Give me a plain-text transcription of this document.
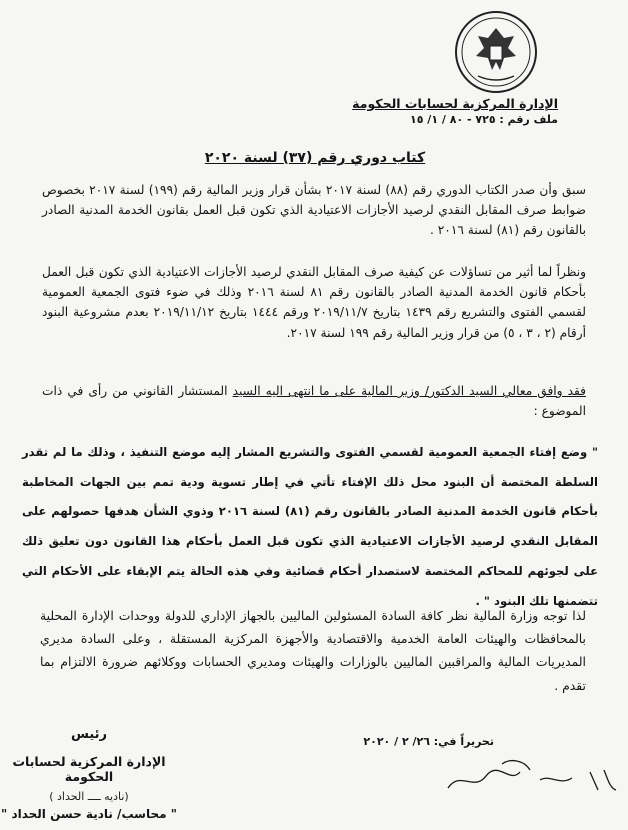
الإدارة المركزية لحسابات الحكومة
ملف رقم : ٧٢٥ - ٨٠ / ١/ ١٥
كتاب دوري رقم (٣٧) لسنة ٢٠٢٠
سبق وأن صدر الكتاب الدوري رقم (٨٨) لسنة ٢٠١٧ بشأن قرار وزير المالية رقم (١٩٩) لسنة ٢٠١٧ بخصوص ضوابط صرف المقابل النقدي لرصيد الأجازات الاعتيادية الذي تكون قبل العمل بقانون الخدمة المدنية الصادر بالقانون رقم (٨١) لسنة ٢٠١٦ .
ونظراً لما أثير من تساؤلات عن كيفية صرف المقابل النقدي لرصيد الأجازات الاعتيادية الذي تكون قبل العمل بأحكام قانون الخدمة المدنية الصادر بالقانون رقم ٨١ لسنة ٢٠١٦ وذلك في ضوء فتوى الجمعية العمومية لقسمي الفتوى والتشريع رقم ١٤٣٩ بتاريخ ٢٠١٩/١١/٧ ورقم ١٤٤٤ بتاريخ ٢٠١٩/١١/١٢ بعدم مشروعية البنود أرقام (٢ ، ٣ ، ٥) من قرار وزير المالية رقم ١٩٩ لسنة ٢٠١٧.
فقد وافق معالي السيد الدكتور/ وزير المالية على ما انتهى اليه السيد المستشار القانوني من رأى في ذات الموضوع :
" وضع إفتاء الجمعية العمومية لقسمي الفتوى والتشريع المشار إليه موضع التنفيذ ، وذلك ما لم تقدر السلطة المختصة أن البنود محل ذلك الإفتاء تأتي في إطار تسوية ودية تمم بين الجهات المخاطبة بأحكام قانون الخدمة المدنية الصادر بالقانون رقم (٨١) لسنة ٢٠١٦ وذوي الشأن هدفها حصولهم على المقابل النقدي لرصيد الأجازات الاعتيادية الذي تكون قبل العمل بأحكام هذا القانون دون تعليق ذلك على لجوئهم للمحاكم المختصة لاستصدار أحكام قضائية وفي هذه الحالة يتم الإبقاء على الأحكام التي تتضمنها تلك البنود " .
لذا توجه وزارة المالية نظر كافة السادة المسئولين الماليين بالجهاز الإداري للدولة ووحدات الإدارة المحلية بالمحافظات والهيئات العامة الخدمية والاقتصادية والأجهزة المركزية المستقلة ، وعلى السادة مديري المديريات المالية والمراقبين الماليين بالوزارات والهيئات ومديري الحسابات ووكلائهم ضرورة الالتزام بما تقدم .
تحريراً في: ٢٦/ ٢ / ٢٠٢٠
رئيس
الإدارة المركزية لحسابات الحكومة
(ناديه ــــ الحداد )
" محاسب/ نادية حسن الحداد "
